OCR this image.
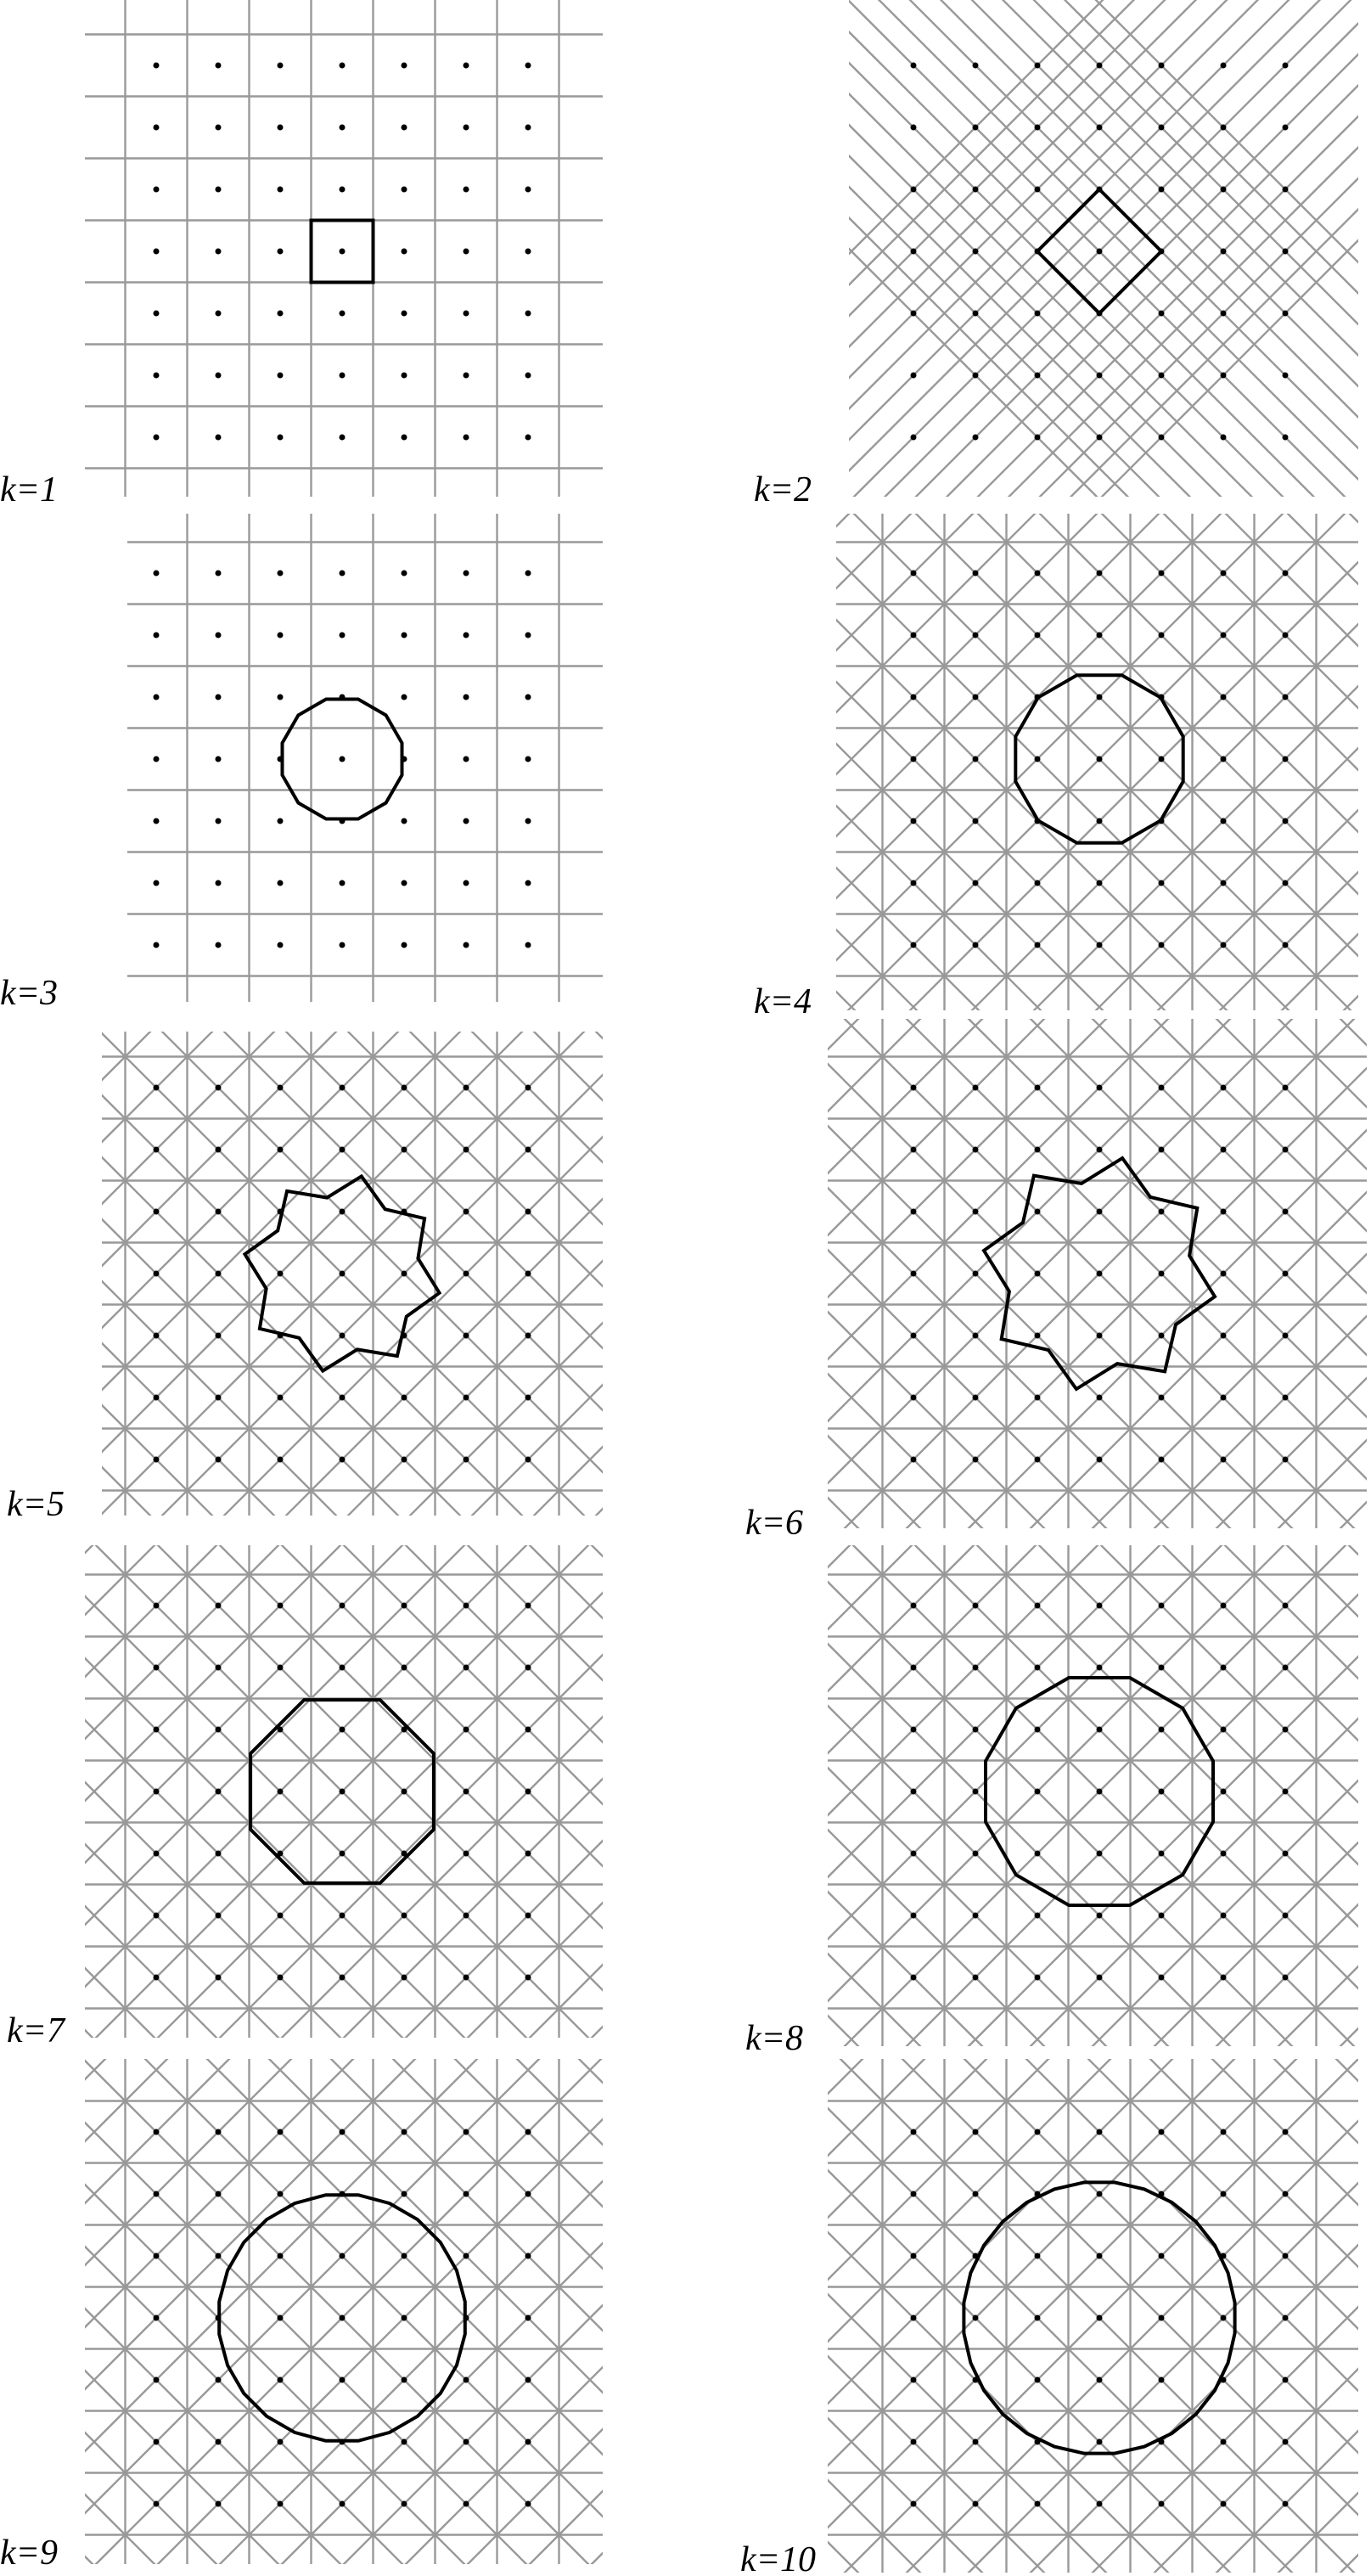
k=1	k=2
k=3	k=4
k=5	k=6
k=7	k=8
k=9	k=10
